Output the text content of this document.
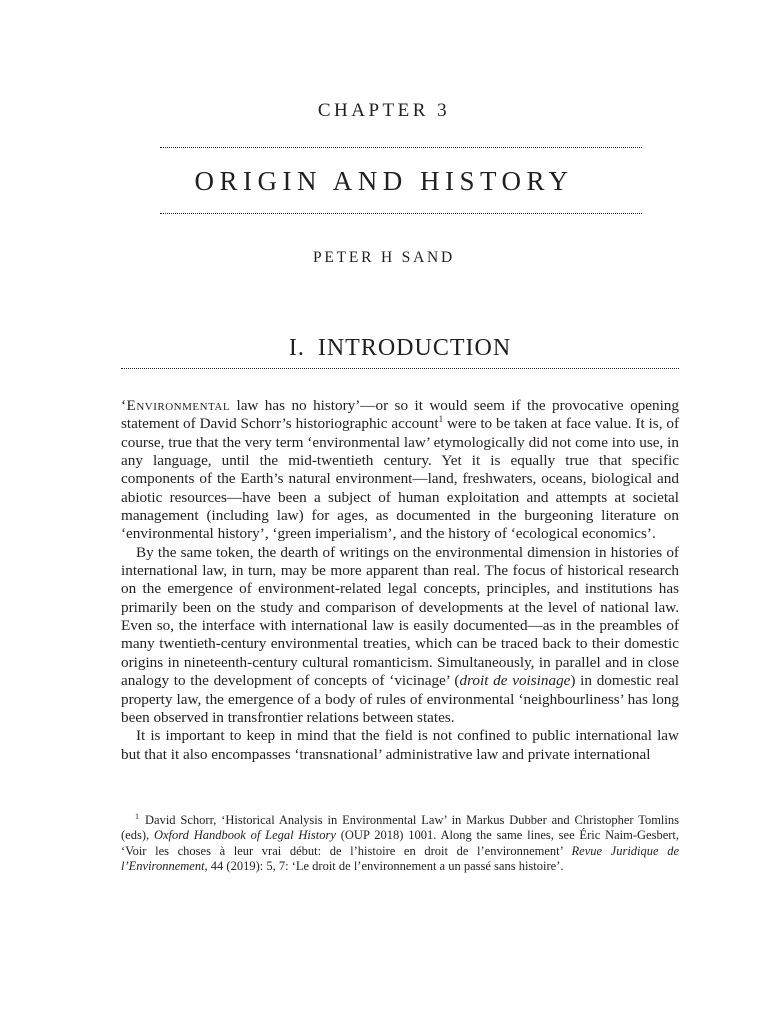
CHAPTER 3
ORIGIN AND HISTORY
PETER H SAND
I. INTRODUCTION

‘Environmental law has no history’—or so it would seem if the provocative opening statement of David Schorr’s historiographic account$^1$ were to be taken at face value. It is, of course, true that the very term ‘environmental law’ etymologically did not come into use, in any language, until the mid-twentieth century. Yet it is equally true that specific components of the Earth’s natural environment—land, freshwaters, oceans, biological and abiotic resources—have been a subject of human exploitation and attempts at societal management (including law) for ages, as documented in the burgeoning literature on ‘environmental history’, ‘green imperialism’, and the history of ‘ecological economics’.

By the same token, the dearth of writings on the environmental dimension in histories of international law, in turn, may be more apparent than real. The focus of historical research on the emergence of environment-related legal concepts, principles, and institutions has primarily been on the study and comparison of developments at the level of national law. Even so, the interface with international law is easily documented—as in the preambles of many twentieth-century environmental treaties, which can be traced back to their domestic origins in nineteenth-century cultural romanticism. Simultaneously, in parallel and in close analogy to the development of concepts of ‘vicinage’ (droit de voisinage) in domestic real property law, the emergence of a body of rules of environmental ‘neighbourliness’ has long been observed in transfrontier relations between states.

It is important to keep in mind that the field is not confined to public international law but that it also encompasses ‘transnational’ administrative law and private international

$^1$ David Schorr, ‘Historical Analysis in Environmental Law’ in Markus Dubber and Christopher Tomlins (eds), Oxford Handbook of Legal History (OUP 2018) 1001. Along the same lines, see Éric Naim-Gesbert, ‘Voir les choses à leur vrai début: de l’histoire en droit de l’environnement’ Revue Juridique de l’Environnement, 44 (2019): 5, 7: ‘Le droit de l’environnement a un passé sans histoire’.
